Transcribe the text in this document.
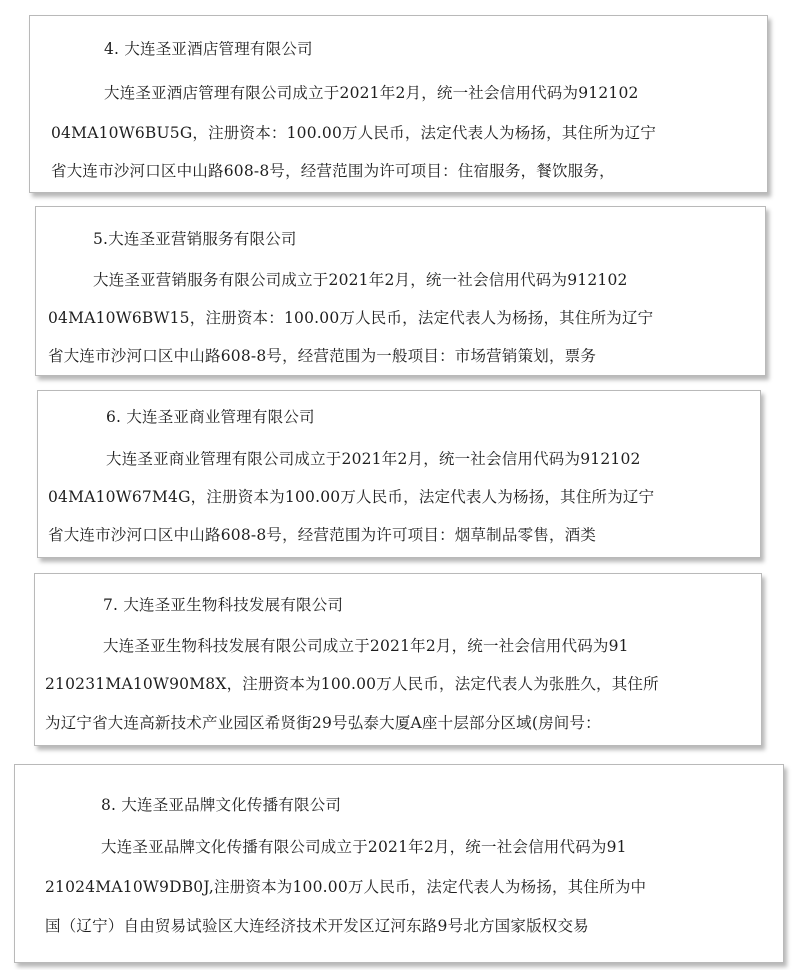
4. 大连圣亚酒店管理有限公司
大连圣亚酒店管理有限公司成立于2021年2月，统一社会信用代码为912102
04MA10W6BU5G，注册资本：100.00万人民币，法定代表人为杨扬，其住所为辽宁
省大连市沙河口区中山路608-8号，经营范围为许可项目：住宿服务，餐饮服务，
5.大连圣亚营销服务有限公司
大连圣亚营销服务有限公司成立于2021年2月，统一社会信用代码为912102
04MA10W6BW15，注册资本：100.00万人民币，法定代表人为杨扬，其住所为辽宁
省大连市沙河口区中山路608-8号，经营范围为一般项目：市场营销策划，票务
6. 大连圣亚商业管理有限公司
大连圣亚商业管理有限公司成立于2021年2月，统一社会信用代码为912102
04MA10W67M4G，注册资本为100.00万人民币，法定代表人为杨扬，其住所为辽宁
省大连市沙河口区中山路608-8号，经营范围为许可项目：烟草制品零售，酒类
7. 大连圣亚生物科技发展有限公司
大连圣亚生物科技发展有限公司成立于2021年2月，统一社会信用代码为91
210231MA10W90M8X，注册资本为100.00万人民币，法定代表人为张胜久，其住所
为辽宁省大连高新技术产业园区希贤街29号弘泰大厦A座十层部分区域(房间号：
8. 大连圣亚品牌文化传播有限公司
大连圣亚品牌文化传播有限公司成立于2021年2月，统一社会信用代码为91
21024MA10W9DB0J,注册资本为100.00万人民币，法定代表人为杨扬，其住所为中
国（辽宁）自由贸易试验区大连经济技术开发区辽河东路9号北方国家版权交易
